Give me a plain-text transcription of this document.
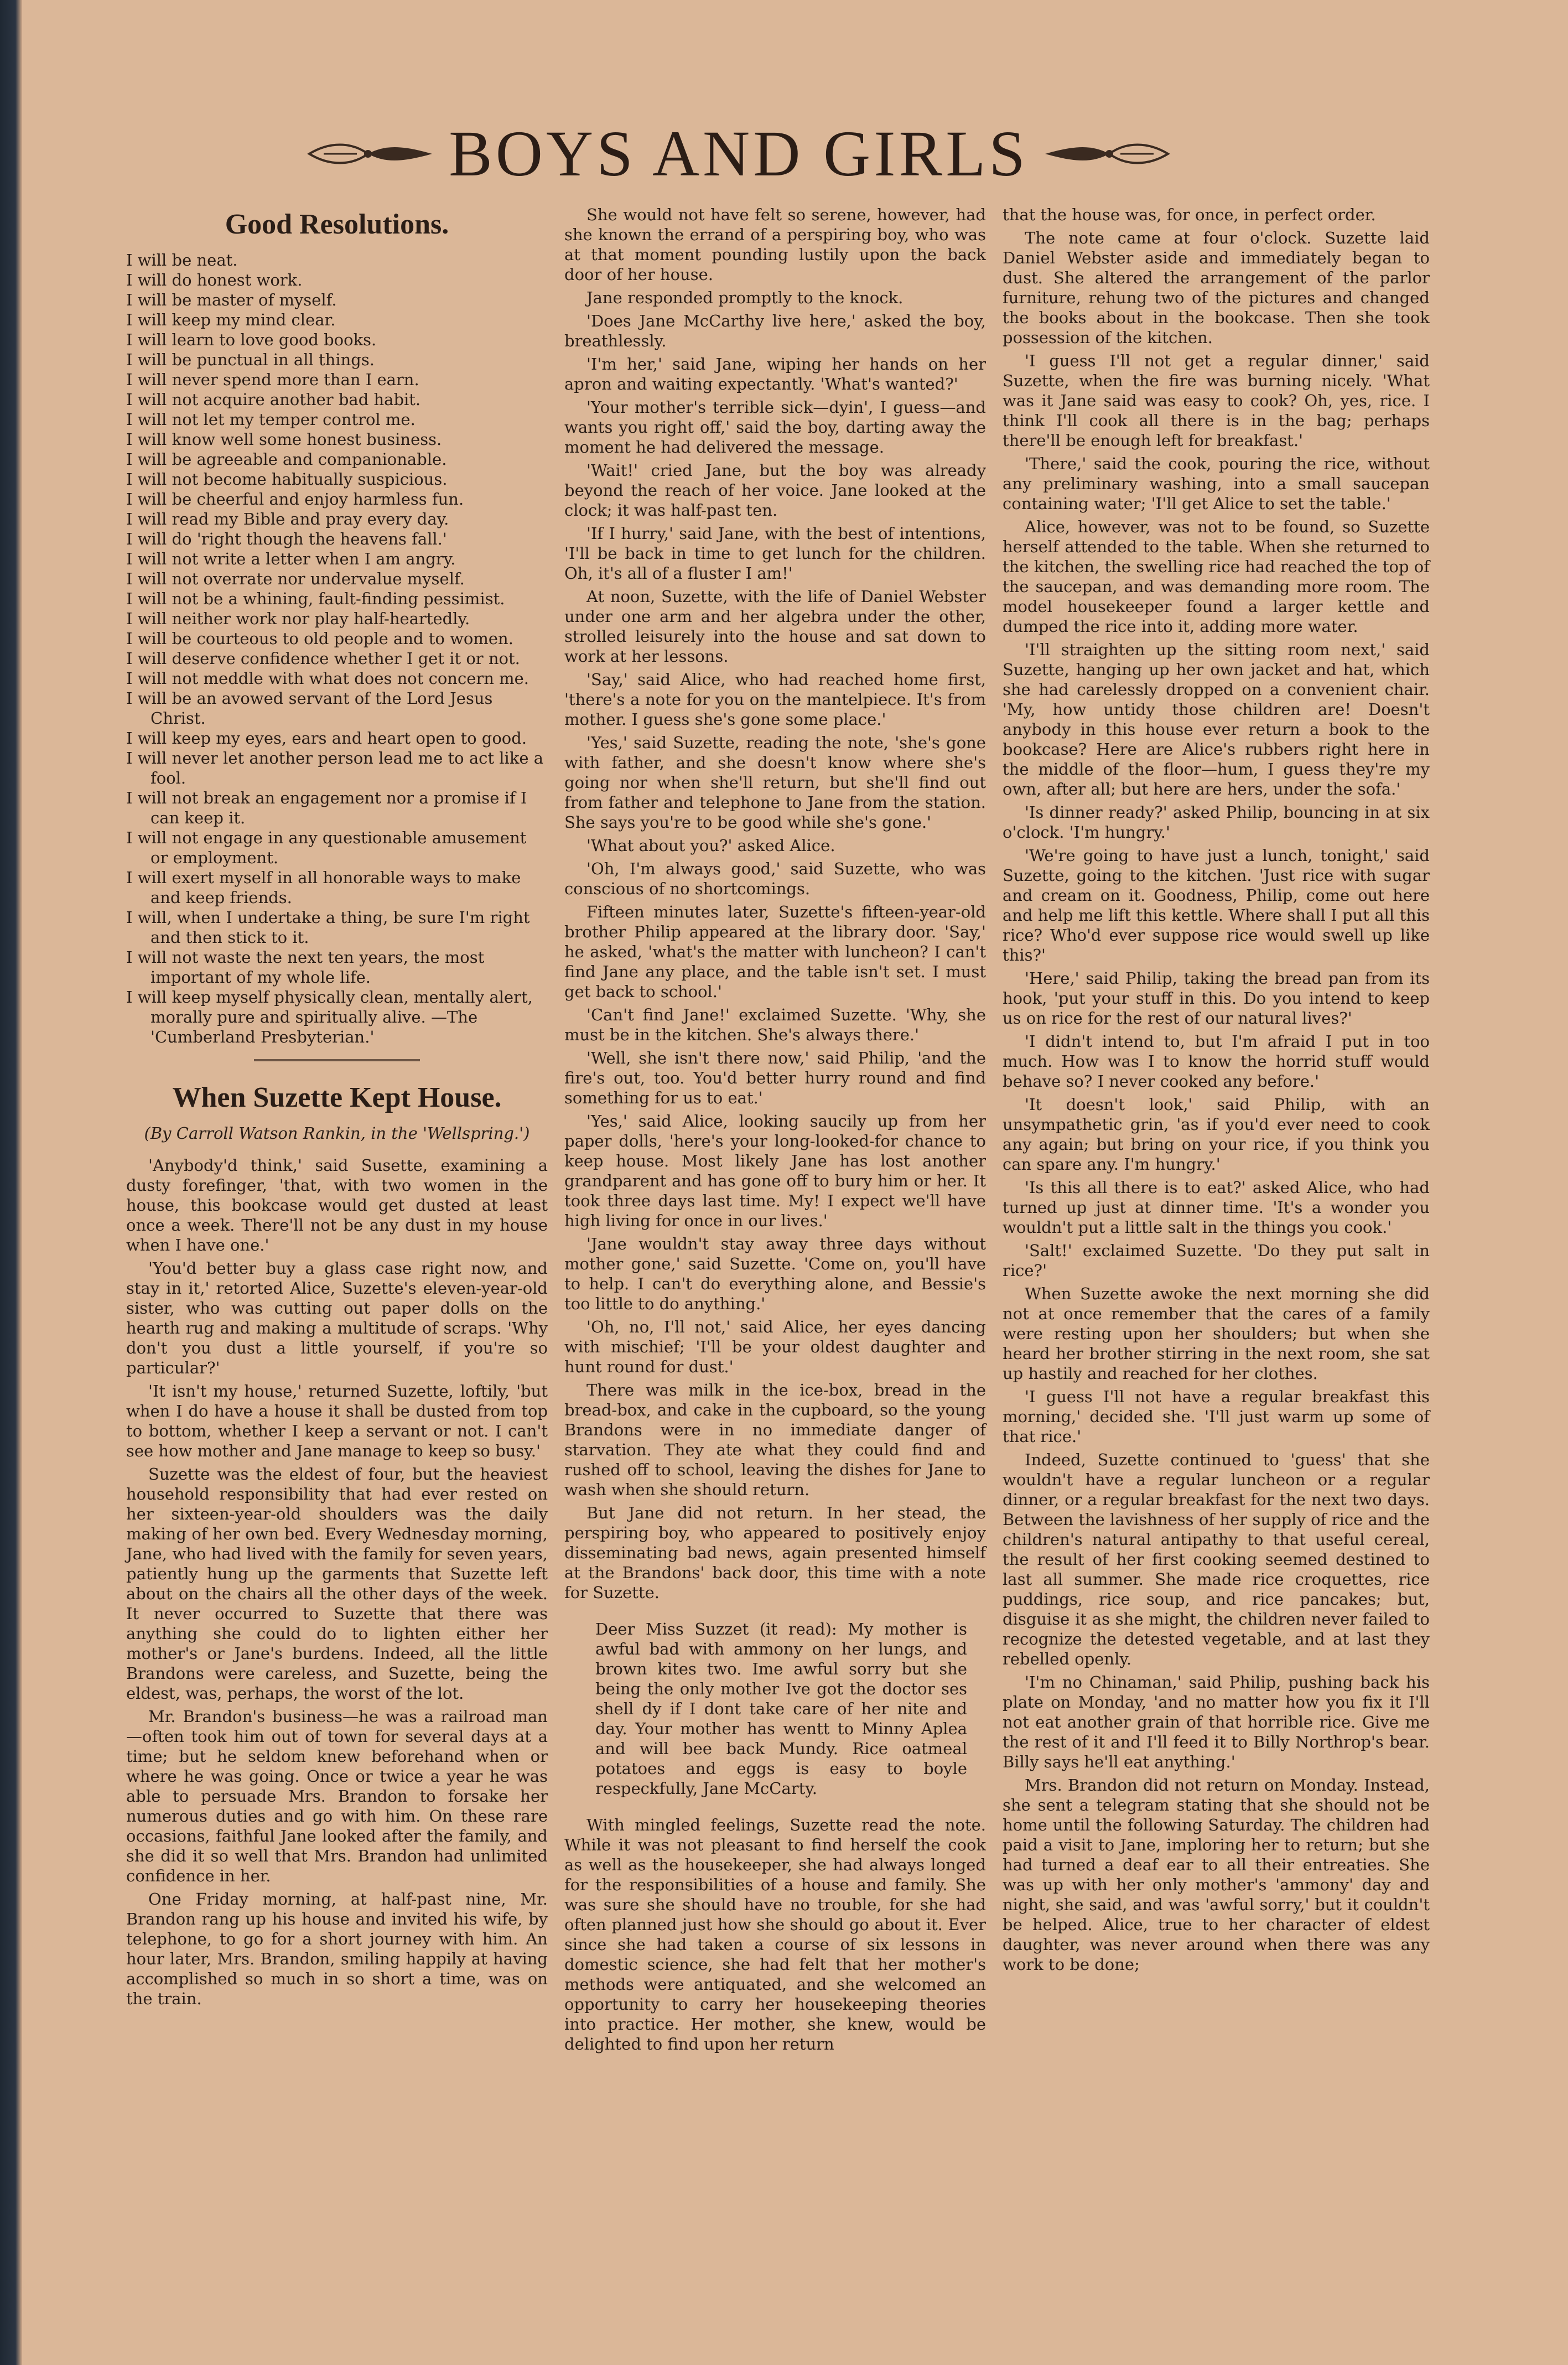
BOYS AND GIRLS
Good Resolutions.
I will be neat.
I will do honest work.
I will be master of myself.
I will keep my mind clear.
I will learn to love good books.
I will be punctual in all things.
I will never spend more than I earn.
I will not acquire another bad habit.
I will not let my temper control me.
I will know well some honest business.
I will be agreeable and companionable.
I will not become habitually suspicious.
I will be cheerful and enjoy harmless fun.
I will read my Bible and pray every day.
I will do 'right though the heavens fall.'
I will not write a letter when I am angry.
I will not overrate nor undervalue myself.
I will not be a whining, fault-finding pessimist.
I will neither work nor play half-heartedly.
I will be courteous to old people and to women.
I will deserve confidence whether I get it or not.
I will not meddle with what does not concern me.
I will be an avowed servant of the Lord Jesus Christ.
I will keep my eyes, ears and heart open to good.
I will never let another person lead me to act like a fool.
I will not break an engagement nor a promise if I can keep it.
I will not engage in any questionable amusement or employment.
I will exert myself in all honorable ways to make and keep friends.
I will, when I undertake a thing, be sure I'm right and then stick to it.
I will not waste the next ten years, the most important of my whole life.
I will keep myself physically clean, mentally alert, morally pure and spiritually alive. —The 'Cumberland Presbyterian.'
When Suzette Kept House.
(By Carroll Watson Rankin, in the 'Wellspring.')

'Anybody'd think,' said Susette, examining a dusty forefinger, 'that, with two women in the house, this bookcase would get dusted at least once a week. There'll not be any dust in my house when I have one.'

'You'd better buy a glass case right now, and stay in it,' retorted Alice, Suzette's eleven-year-old sister, who was cutting out paper dolls on the hearth rug and making a multitude of scraps. 'Why don't you dust a little yourself, if you're so particular?'

'It isn't my house,' returned Suzette, loftily, 'but when I do have a house it shall be dusted from top to bottom, whether I keep a servant or not. I can't see how mother and Jane manage to keep so busy.'

Suzette was the eldest of four, but the heaviest household responsibility that had ever rested on her sixteen-year-old shoulders was the daily making of her own bed. Every Wednesday morning, Jane, who had lived with the family for seven years, patiently hung up the garments that Suzette left about on the chairs all the other days of the week. It never occurred to Suzette that there was anything she could do to lighten either her mother's or Jane's burdens. Indeed, all the little Brandons were careless, and Suzette, being the eldest, was, perhaps, the worst of the lot.

Mr. Brandon's business—he was a railroad man—often took him out of town for several days at a time; but he seldom knew beforehand when or where he was going. Once or twice a year he was able to persuade Mrs. Brandon to forsake her numerous duties and go with him. On these rare occasions, faithful Jane looked after the family, and she did it so well that Mrs. Brandon had unlimited confidence in her.

One Friday morning, at half-past nine, Mr. Brandon rang up his house and invited his wife, by telephone, to go for a short journey with him. An hour later, Mrs. Brandon, smiling happily at having accomplished so much in so short a time, was on the train.

She would not have felt so serene, however, had she known the errand of a perspiring boy, who was at that moment pounding lustily upon the back door of her house.

Jane responded promptly to the knock.

'Does Jane McCarthy live here,' asked the boy, breathlessly.

'I'm her,' said Jane, wiping her hands on her apron and waiting expectantly. 'What's wanted?'

'Your mother's terrible sick—dyin', I guess—and wants you right off,' said the boy, darting away the moment he had delivered the message.

'Wait!' cried Jane, but the boy was already beyond the reach of her voice. Jane looked at the clock; it was half-past ten.

'If I hurry,' said Jane, with the best of intentions, 'I'll be back in time to get lunch for the children. Oh, it's all of a fluster I am!'

At noon, Suzette, with the life of Daniel Webster under one arm and her algebra under the other, strolled leisurely into the house and sat down to work at her lessons.

'Say,' said Alice, who had reached home first, 'there's a note for you on the mantelpiece. It's from mother. I guess she's gone some place.'

'Yes,' said Suzette, reading the note, 'she's gone with father, and she doesn't know where she's going nor when she'll return, but she'll find out from father and telephone to Jane from the station. She says you're to be good while she's gone.'

'What about you?' asked Alice.

'Oh, I'm always good,' said Suzette, who was conscious of no shortcomings.

Fifteen minutes later, Suzette's fifteen-year-old brother Philip appeared at the library door. 'Say,' he asked, 'what's the matter with luncheon? I can't find Jane any place, and the table isn't set. I must get back to school.'

'Can't find Jane!' exclaimed Suzette. 'Why, she must be in the kitchen. She's always there.'

'Well, she isn't there now,' said Philip, 'and the fire's out, too. You'd better hurry round and find something for us to eat.'

'Yes,' said Alice, looking saucily up from her paper dolls, 'here's your long-looked-for chance to keep house. Most likely Jane has lost another grandparent and has gone off to bury him or her. It took three days last time. My! I expect we'll have high living for once in our lives.'

'Jane wouldn't stay away three days without mother gone,' said Suzette. 'Come on, you'll have to help. I can't do everything alone, and Bessie's too little to do anything.'

'Oh, no, I'll not,' said Alice, her eyes dancing with mischief; 'I'll be your oldest daughter and hunt round for dust.'

There was milk in the ice-box, bread in the bread-box, and cake in the cupboard, so the young Brandons were in no immediate danger of starvation. They ate what they could find and rushed off to school, leaving the dishes for Jane to wash when she should return.

But Jane did not return. In her stead, the perspiring boy, who appeared to positively enjoy disseminating bad news, again presented himself at the Brandons' back door, this time with a note for Suzette.

Deer Miss Suzzet (it read): My mother is awful bad with ammony on her lungs, and brown kites two. Ime awful sorry but she being the only mother Ive got the doctor ses shell dy if I dont take care of her nite and day. Your mother has wentt to Minny Aplea and will bee back Mundy. Rice oatmeal potatoes and eggs is easy to boyle respeckfully, Jane McCarty.

With mingled feelings, Suzette read the note. While it was not pleasant to find herself the cook as well as the housekeeper, she had always longed for the responsibilities of a house and family. She was sure she should have no trouble, for she had often planned just how she should go about it. Ever since she had taken a course of six lessons in domestic science, she had felt that her mother's methods were antiquated, and she welcomed an opportunity to carry her housekeeping theories into practice. Her mother, she knew, would be delighted to find upon her return

that the house was, for once, in perfect order.

The note came at four o'clock. Suzette laid Daniel Webster aside and immediately began to dust. She altered the arrangement of the parlor furniture, rehung two of the pictures and changed the books about in the bookcase. Then she took possession of the kitchen.

'I guess I'll not get a regular dinner,' said Suzette, when the fire was burning nicely. 'What was it Jane said was easy to cook? Oh, yes, rice. I think I'll cook all there is in the bag; perhaps there'll be enough left for breakfast.'

'There,' said the cook, pouring the rice, without any preliminary washing, into a small saucepan containing water; 'I'll get Alice to set the table.'

Alice, however, was not to be found, so Suzette herself attended to the table. When she returned to the kitchen, the swelling rice had reached the top of the saucepan, and was demanding more room. The model housekeeper found a larger kettle and dumped the rice into it, adding more water.

'I'll straighten up the sitting room next,' said Suzette, hanging up her own jacket and hat, which she had carelessly dropped on a convenient chair. 'My, how untidy those children are! Doesn't anybody in this house ever return a book to the bookcase? Here are Alice's rubbers right here in the middle of the floor—hum, I guess they're my own, after all; but here are hers, under the sofa.'

'Is dinner ready?' asked Philip, bouncing in at six o'clock. 'I'm hungry.'

'We're going to have just a lunch, tonight,' said Suzette, going to the kitchen. 'Just rice with sugar and cream on it. Goodness, Philip, come out here and help me lift this kettle. Where shall I put all this rice? Who'd ever suppose rice would swell up like this?'

'Here,' said Philip, taking the bread pan from its hook, 'put your stuff in this. Do you intend to keep us on rice for the rest of our natural lives?'

'I didn't intend to, but I'm afraid I put in too much. How was I to know the horrid stuff would behave so? I never cooked any before.'

'It doesn't look,' said Philip, with an unsympathetic grin, 'as if you'd ever need to cook any again; but bring on your rice, if you think you can spare any. I'm hungry.'

'Is this all there is to eat?' asked Alice, who had turned up just at dinner time. 'It's a wonder you wouldn't put a little salt in the things you cook.'

'Salt!' exclaimed Suzette. 'Do they put salt in rice?'

When Suzette awoke the next morning she did not at once remember that the cares of a family were resting upon her shoulders; but when she heard her brother stirring in the next room, she sat up hastily and reached for her clothes.

'I guess I'll not have a regular breakfast this morning,' decided she. 'I'll just warm up some of that rice.'

Indeed, Suzette continued to 'guess' that she wouldn't have a regular luncheon or a regular dinner, or a regular breakfast for the next two days. Between the lavishness of her supply of rice and the children's natural antipathy to that useful cereal, the result of her first cooking seemed destined to last all summer. She made rice croquettes, rice puddings, rice soup, and rice pancakes; but, disguise it as she might, the children never failed to recognize the detested vegetable, and at last they rebelled openly.

'I'm no Chinaman,' said Philip, pushing back his plate on Monday, 'and no matter how you fix it I'll not eat another grain of that horrible rice. Give me the rest of it and I'll feed it to Billy Northrop's bear. Billy says he'll eat anything.'

Mrs. Brandon did not return on Monday. Instead, she sent a telegram stating that she should not be home until the following Saturday. The children had paid a visit to Jane, imploring her to return; but she had turned a deaf ear to all their entreaties. She was up with her only mother's 'ammony' day and night, she said, and was 'awful sorry,' but it couldn't be helped. Alice, true to her character of eldest daughter, was never around when there was any work to be done;
